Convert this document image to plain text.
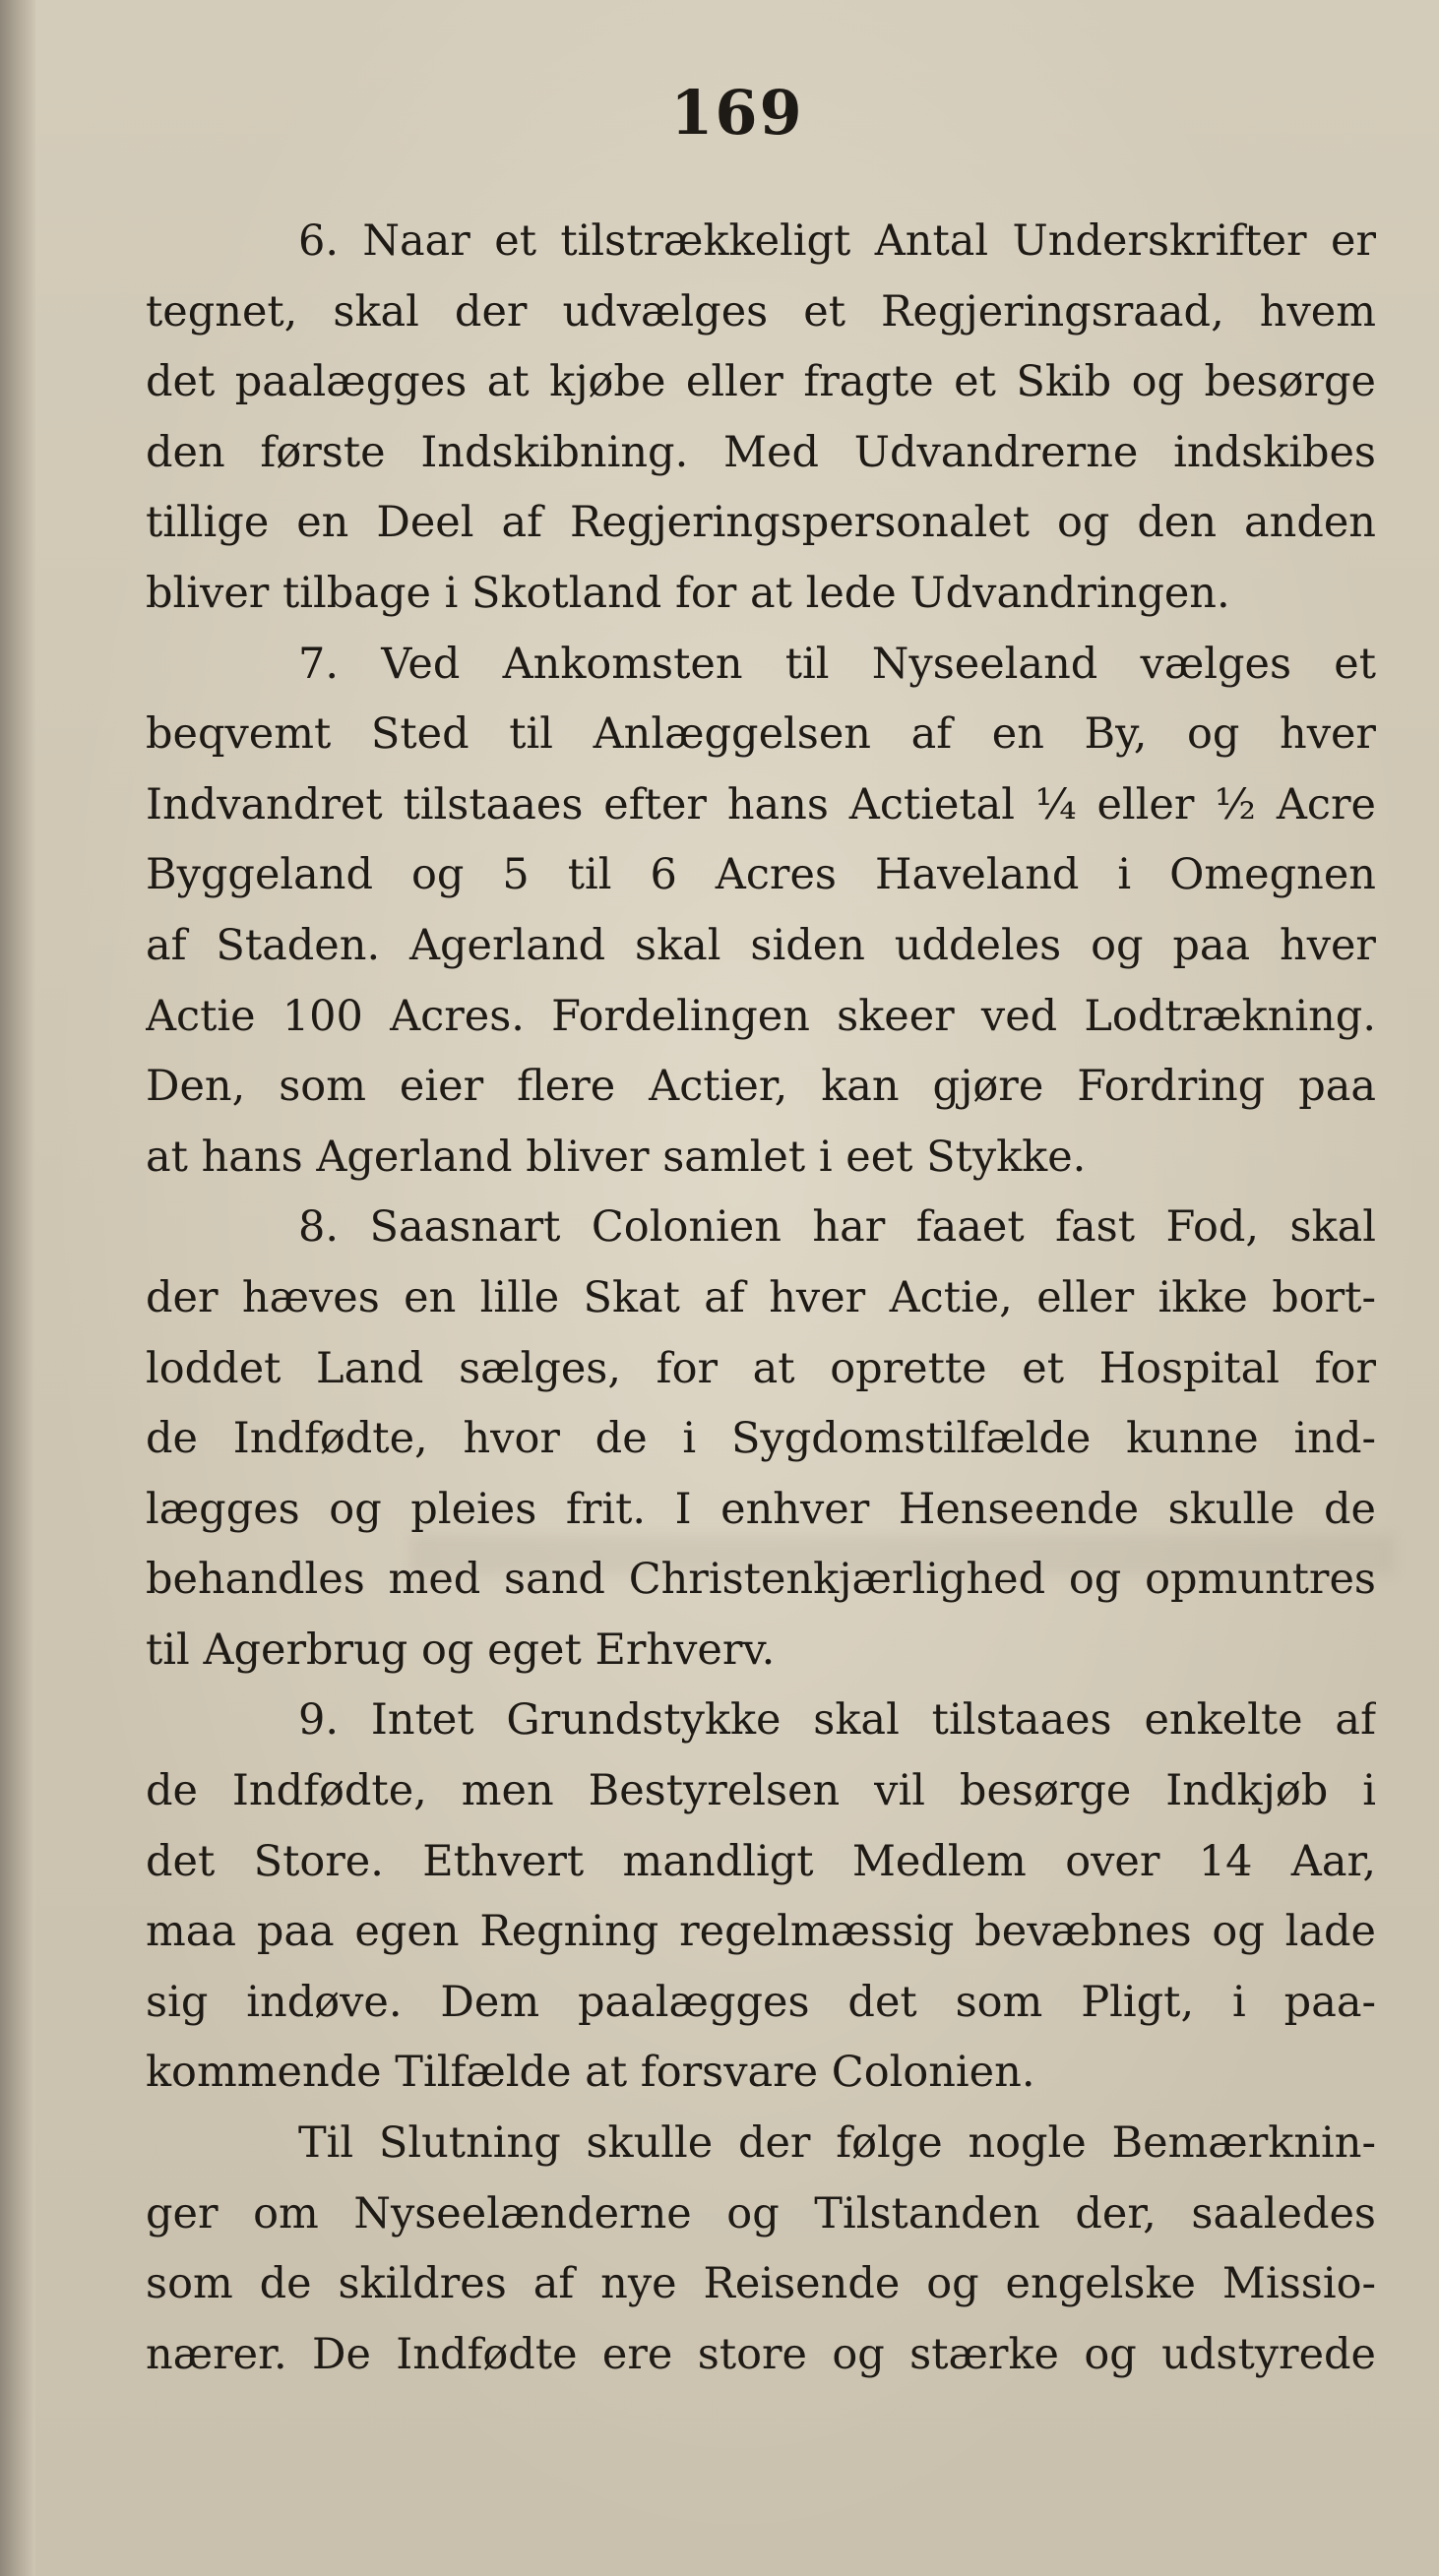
169
6. Naar et tilstrækkeligt Antal Underskrifter er
tegnet, skal der udvælges et Regjeringsraad, hvem
det paalægges at kjøbe eller fragte et Skib og besørge
den første Indskibning. Med Udvandrerne indskibes
tillige en Deel af Regjeringspersonalet og den anden
bliver tilbage i Skotland for at lede Udvandringen.
7. Ved Ankomsten til Nyseeland vælges et
beqvemt Sted til Anlæggelsen af en By, og hver
Indvandret tilstaaes efter hans Actietal ¼ eller ½ Acre
Byggeland og 5 til 6 Acres Haveland i Omegnen
af Staden. Agerland skal siden uddeles og paa hver
Actie 100 Acres. Fordelingen skeer ved Lodtrækning.
Den, som eier flere Actier, kan gjøre Fordring paa
at hans Agerland bliver samlet i eet Stykke.
8. Saasnart Colonien har faaet fast Fod, skal
der hæves en lille Skat af hver Actie, eller ikke bort-
loddet Land sælges, for at oprette et Hospital for
de Indfødte, hvor de i Sygdomstilfælde kunne ind-
lægges og pleies frit. I enhver Henseende skulle de
behandles med sand Christenkjærlighed og opmuntres
til Agerbrug og eget Erhverv.
9. Intet Grundstykke skal tilstaaes enkelte af
de Indfødte, men Bestyrelsen vil besørge Indkjøb i
det Store. Ethvert mandligt Medlem over 14 Aar,
maa paa egen Regning regelmæssig bevæbnes og lade
sig indøve. Dem paalægges det som Pligt, i paa-
kommende Tilfælde at forsvare Colonien.
Til Slutning skulle der følge nogle Bemærknin-
ger om Nyseelænderne og Tilstanden der, saaledes
som de skildres af nye Reisende og engelske Missio-
nærer. De Indfødte ere store og stærke og udstyrede
